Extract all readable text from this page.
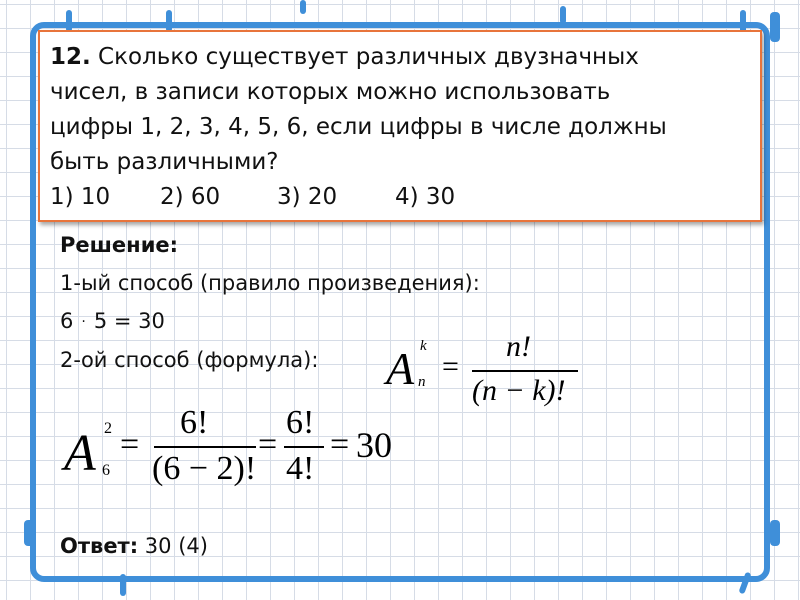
12. Сколько существует различных двузначных
чисел, в записи которых можно использовать
цифры 1, 2, 3, 4, 5, 6, если цифры в числе должны
быть различными?
1) 10	2) 60	3) 20	4) 30
Решение:
1-ый способ (правило произведения):
6 · 5 = 30
2-ой способ (формула):	A k
n =
n!
(n − k)!
A 2
6
=
6!
(6 − 2)!
=
6!
4!
= 30
Ответ: 30 (4)
